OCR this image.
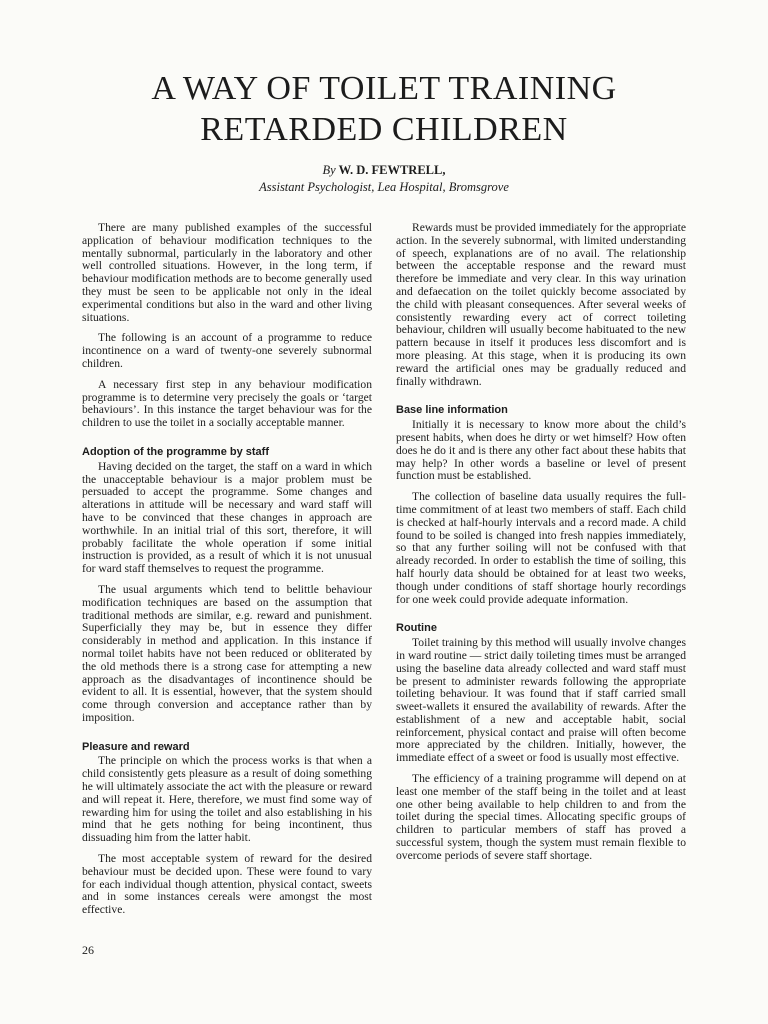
A WAY OF TOILET TRAINING
RETARDED CHILDREN

By W. D. FEWTRELL,

Assistant Psychologist, Lea Hospital, Bromsgrove

There are many published examples of the successful application of behaviour modification techniques to the mentally subnormal, particularly in the laboratory and other well controlled situations. However, in the long term, if behaviour modification methods are to become generally used they must be seen to be applicable not only in the ideal experimental conditions but also in the ward and other living situations.

The following is an account of a programme to reduce incontinence on a ward of twenty-one severely subnormal children.

A necessary first step in any behaviour modification programme is to determine very precisely the goals or ‘target behaviours’. In this instance the target behaviour was for the children to use the toilet in a socially acceptable manner.

Adoption of the programme by staff

Having decided on the target, the staff on a ward in which the unacceptable behaviour is a major problem must be persuaded to accept the programme. Some changes and alterations in attitude will be necessary and ward staff will have to be convinced that these changes in approach are worthwhile. In an initial trial of this sort, therefore, it will probably facilitate the whole operation if some initial instruction is provided, as a result of which it is not unusual for ward staff themselves to request the programme.

The usual arguments which tend to belittle behaviour modification techniques are based on the assumption that traditional methods are similar, e.g. reward and punishment. Superficially they may be, but in essence they differ considerably in method and application. In this instance if normal toilet habits have not been reduced or obliterated by the old methods there is a strong case for attempting a new approach as the disadvantages of incontinence should be evident to all. It is essential, however, that the system should come through conversion and acceptance rather than by imposition.

Pleasure and reward

The principle on which the process works is that when a child consistently gets pleasure as a result of doing something he will ultimately associate the act with the pleasure or reward and will repeat it. Here, therefore, we must find some way of rewarding him for using the toilet and also establishing in his mind that he gets nothing for being incontinent, thus dissuading him from the latter habit.

The most acceptable system of reward for the desired behaviour must be decided upon. These were found to vary for each individual though attention, physical contact, sweets and in some instances cereals were amongst the most effective.

Rewards must be provided immediately for the appropriate action. In the severely subnormal, with limited understanding of speech, explanations are of no avail. The relationship between the acceptable response and the reward must therefore be immediate and very clear. In this way urination and defaecation on the toilet quickly become associated by the child with pleasant consequences. After several weeks of consistently rewarding every act of correct toileting behaviour, children will usually become habituated to the new pattern because in itself it produces less discomfort and is more pleasing. At this stage, when it is producing its own reward the artificial ones may be gradually reduced and finally withdrawn.

Base line information

Initially it is necessary to know more about the child’s present habits, when does he dirty or wet himself? How often does he do it and is there any other fact about these habits that may help? In other words a baseline or level of present function must be established.

The collection of baseline data usually requires the full-time commitment of at least two members of staff. Each child is checked at half-hourly intervals and a record made. A child found to be soiled is changed into fresh nappies immediately, so that any further soiling will not be confused with that already recorded. In order to establish the time of soiling, this half hourly data should be obtained for at least two weeks, though under conditions of staff shortage hourly recordings for one week could provide adequate information.

Routine

Toilet training by this method will usually involve changes in ward routine — strict daily toileting times must be arranged using the baseline data already collected and ward staff must be present to administer rewards following the appropriate toileting behaviour. It was found that if staff carried small sweet-wallets it ensured the availability of rewards. After the establishment of a new and acceptable habit, social reinforcement, physical contact and praise will often become more appreciated by the children. Initially, however, the immediate effect of a sweet or food is usually most effective.

The efficiency of a training programme will depend on at least one member of the staff being in the toilet and at least one other being available to help children to and from the toilet during the special times. Allocating specific groups of children to particular members of staff has proved a successful system, though the system must remain flexible to overcome periods of severe staff shortage.

26
